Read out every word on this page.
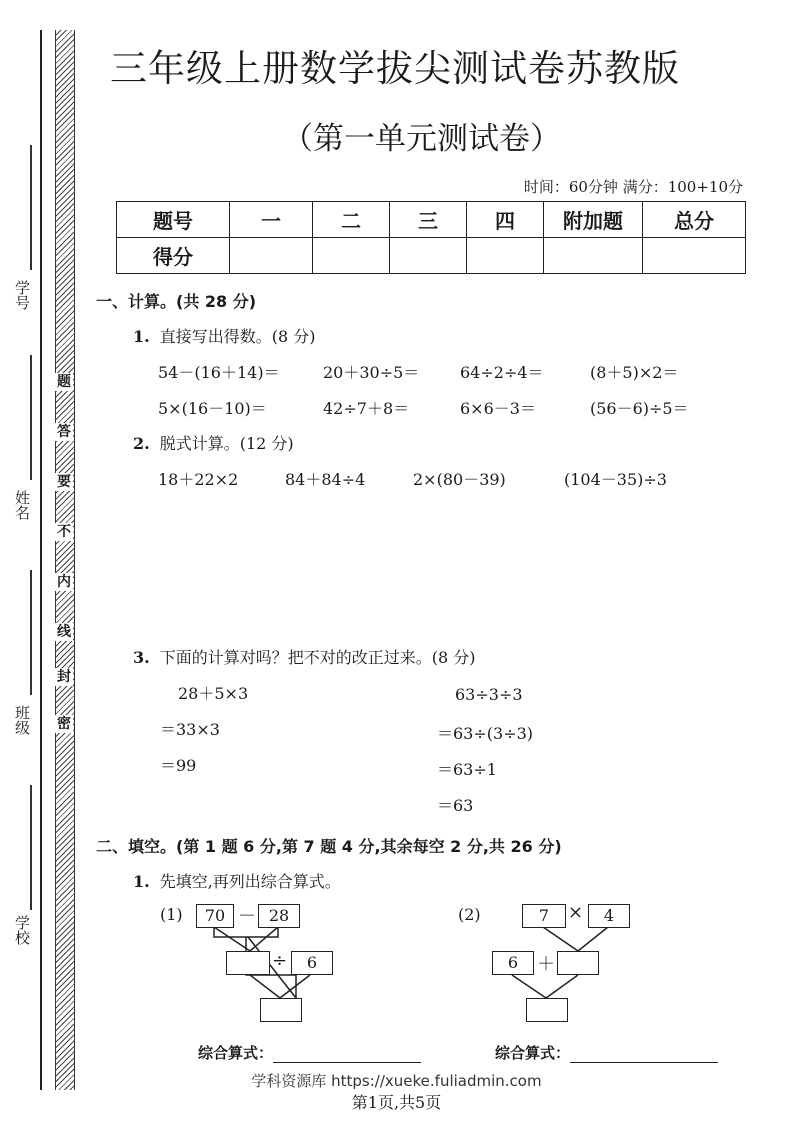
学号
姓名
班级
学校
题
答
要
不
内
线
封
密
三年级上册数学拔尖测试卷苏教版
（第一单元测试卷）
时间：60分钟 满分：100+10分
题号	一	二	三	四	附加题	总分
得分						
一、计算。(共 28 分)
1. 直接写出得数。(8 分)
54－(16＋14)＝	20＋30÷5＝	64÷2÷4＝	(8＋5)×2＝
5×(16－10)＝	42÷7＋8＝	6×6－3＝	(56－6)÷5＝
2. 脱式计算。(12 分)
18＋22×2	84＋84÷4	2×(80－39)	(104－35)÷3
3. 下面的计算对吗？把不对的改正过来。(8 分)
28＋5×3
＝33×3
＝99
63÷3÷3
＝63÷(3÷3)
＝63÷1
＝63
二、填空。(第 1 题 6 分,第 7 题 4 分,其余每空 2 分,共 26 分)
1. 先填空,再列出综合算式。
(1)	70 － 28
÷	6
(2)	7	×	4
6	＋
综合算式：	综合算式：
学科资源库 https://xueke.fuliadmin.com
第1页,共5页
